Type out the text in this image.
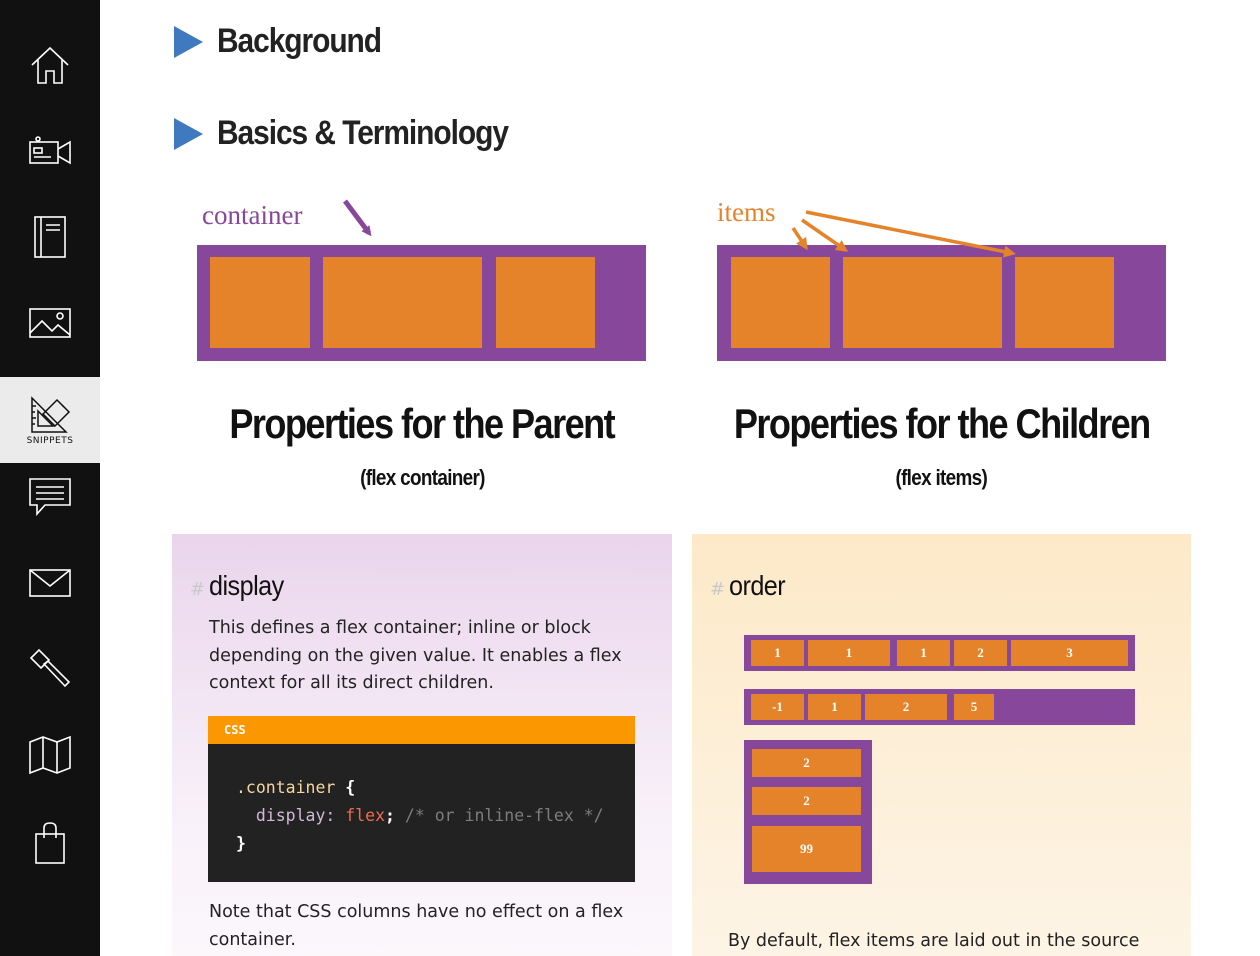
SNIPPETS
Background
Basics & Terminology
container	items
Properties for the Parent
(flex container)
Properties for the Children
(flex items)
# display
This defines a flex container; inline or block depending on the given value. It enables a flex context for all its direct children.
CSS
.container {
display: flex; /* or inline-flex */
}
Note that CSS columns have no effect on a flex container.
# order
1	1	1	2	3
-1	1	2	5
2
2
99
By default, flex items are laid out in the source
